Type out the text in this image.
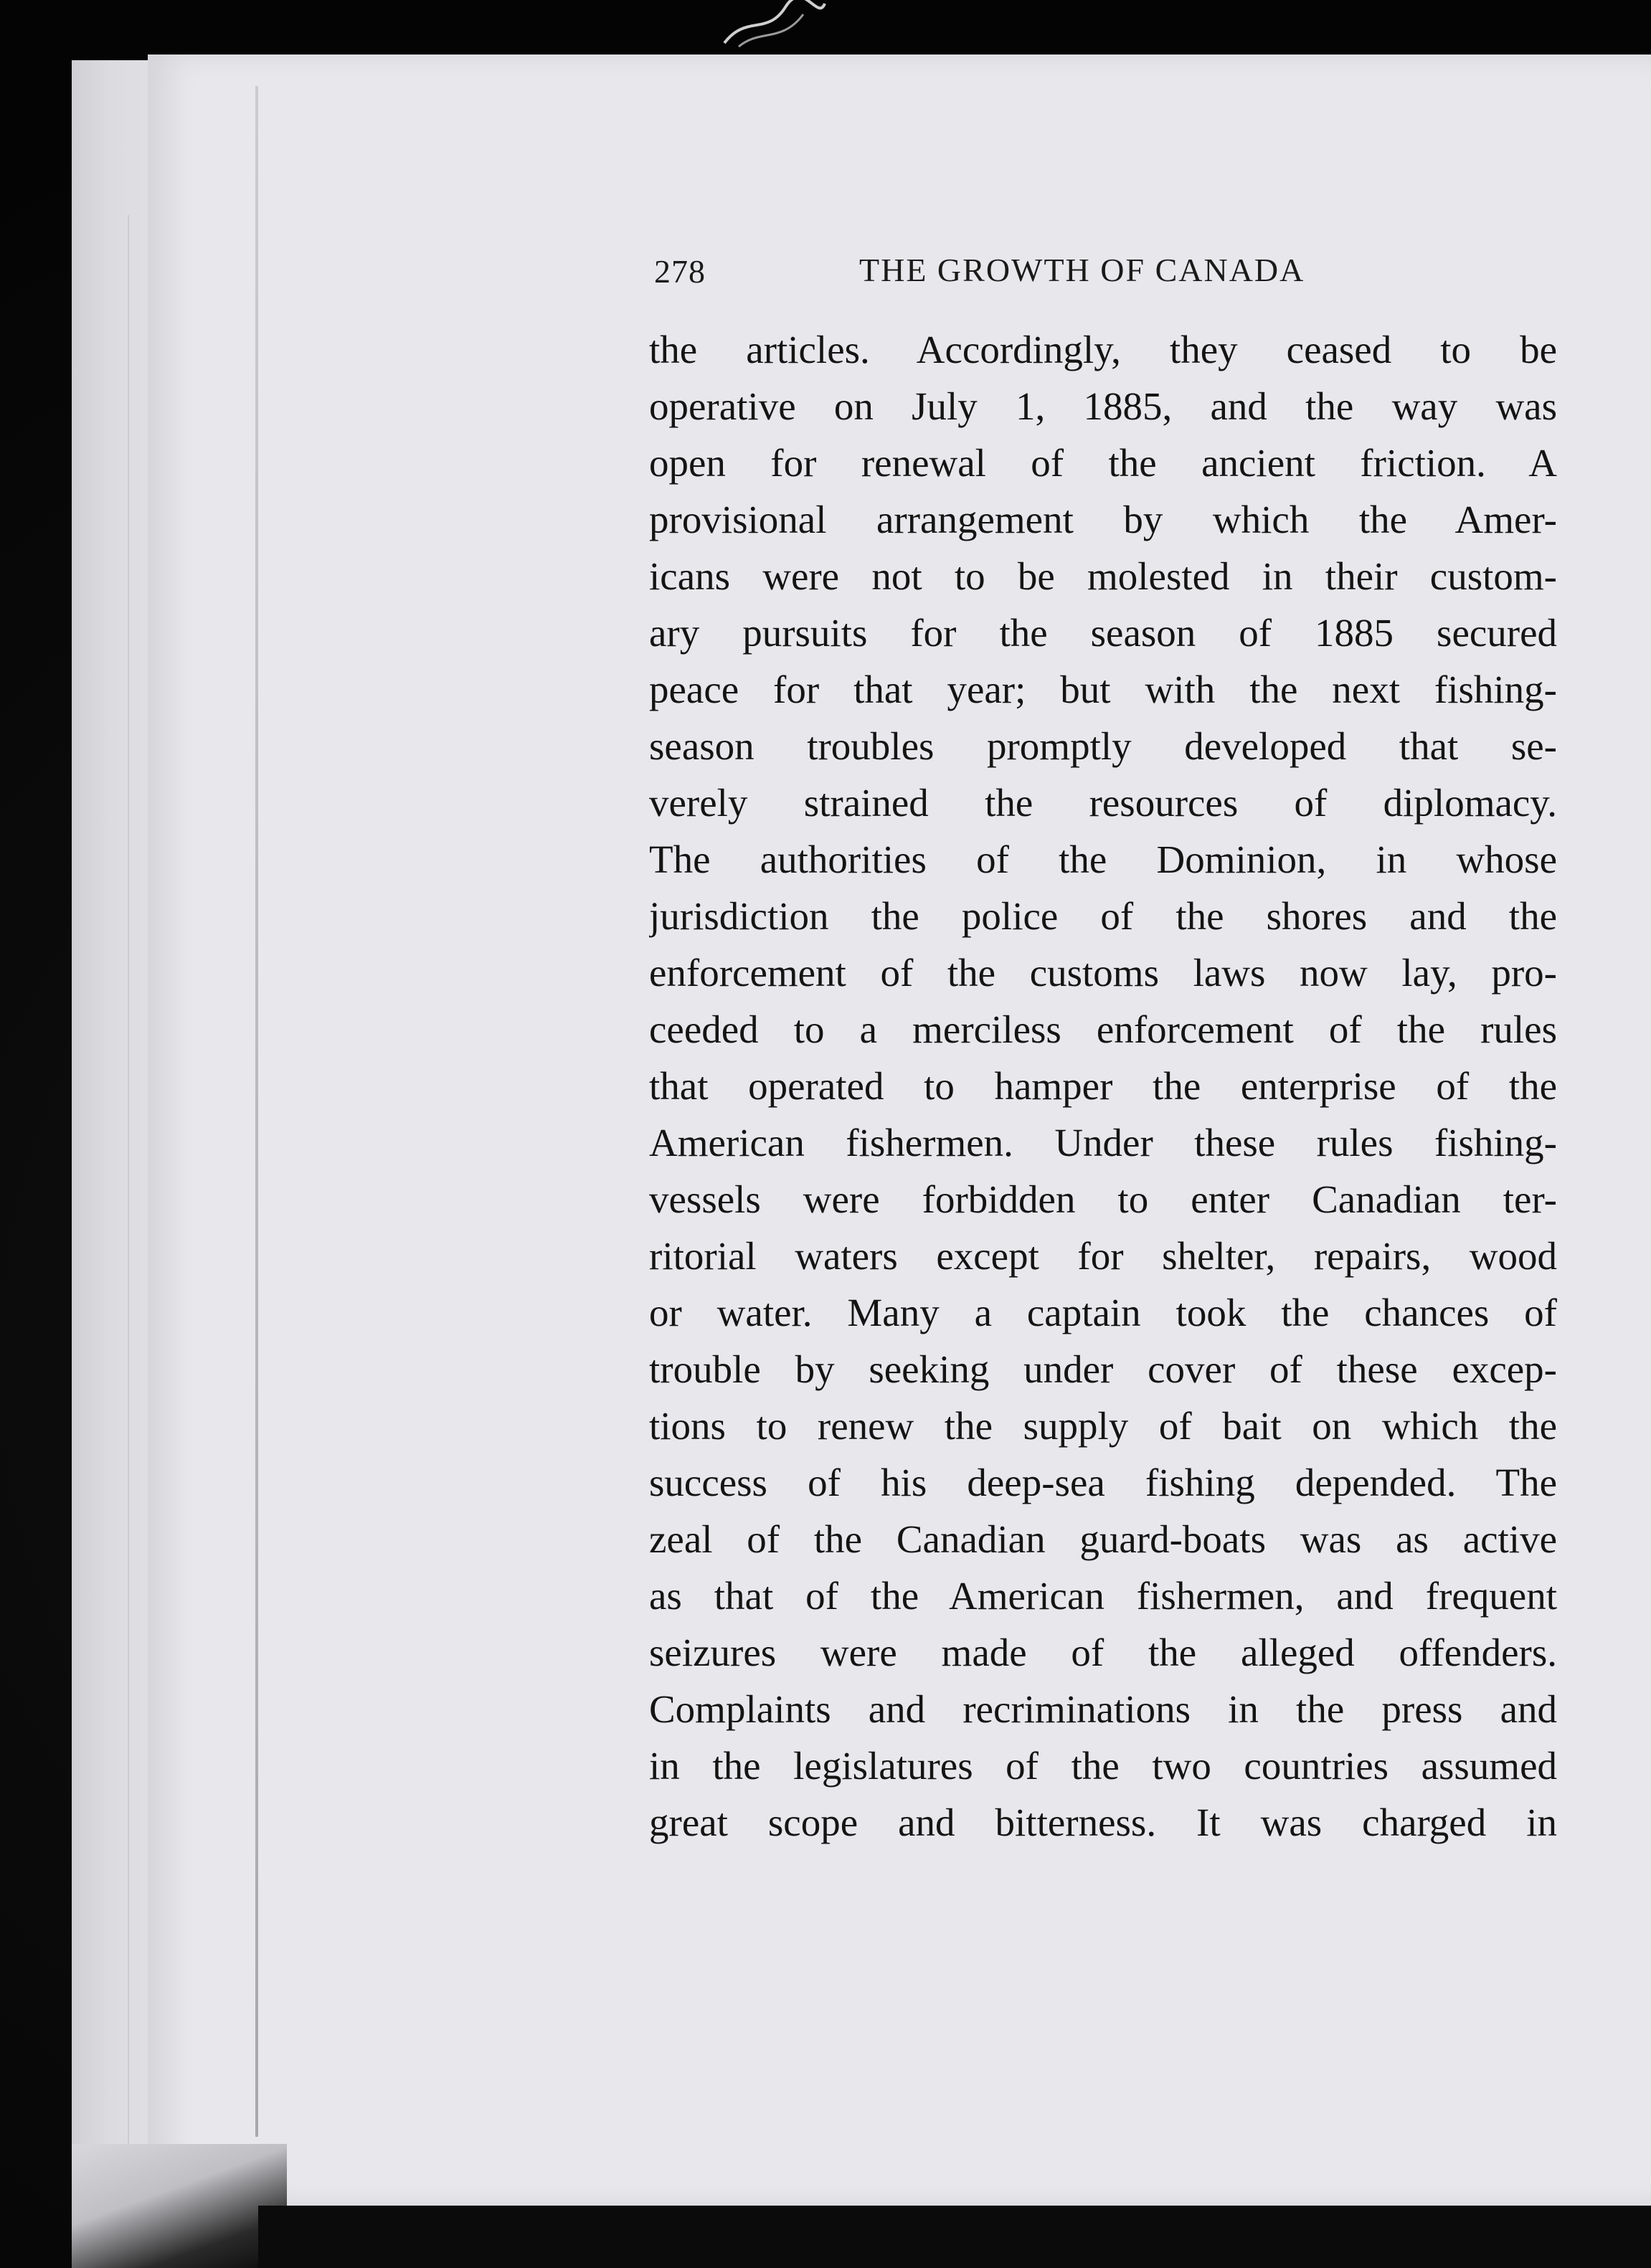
278	THE GROWTH OF CANADA
the articles. Accordingly, they ceased to be
operative on July 1, 1885, and the way was
open for renewal of the ancient friction. A
provisional arrangement by which the Amer-
icans were not to be molested in their custom-
ary pursuits for the season of 1885 secured
peace for that year; but with the next fishing-
season troubles promptly developed that se-
verely strained the resources of diplomacy.
The authorities of the Dominion, in whose
jurisdiction the police of the shores and the
enforcement of the customs laws now lay, pro-
ceeded to a merciless enforcement of the rules
that operated to hamper the enterprise of the
American fishermen. Under these rules fishing-
vessels were forbidden to enter Canadian ter-
ritorial waters except for shelter, repairs, wood
or water. Many a captain took the chances of
trouble by seeking under cover of these excep-
tions to renew the supply of bait on which the
success of his deep-sea fishing depended. The
zeal of the Canadian guard-boats was as active
as that of the American fishermen, and frequent
seizures were made of the alleged offenders.
Complaints and recriminations in the press and
in the legislatures of the two countries assumed
great scope and bitterness. It was charged in
